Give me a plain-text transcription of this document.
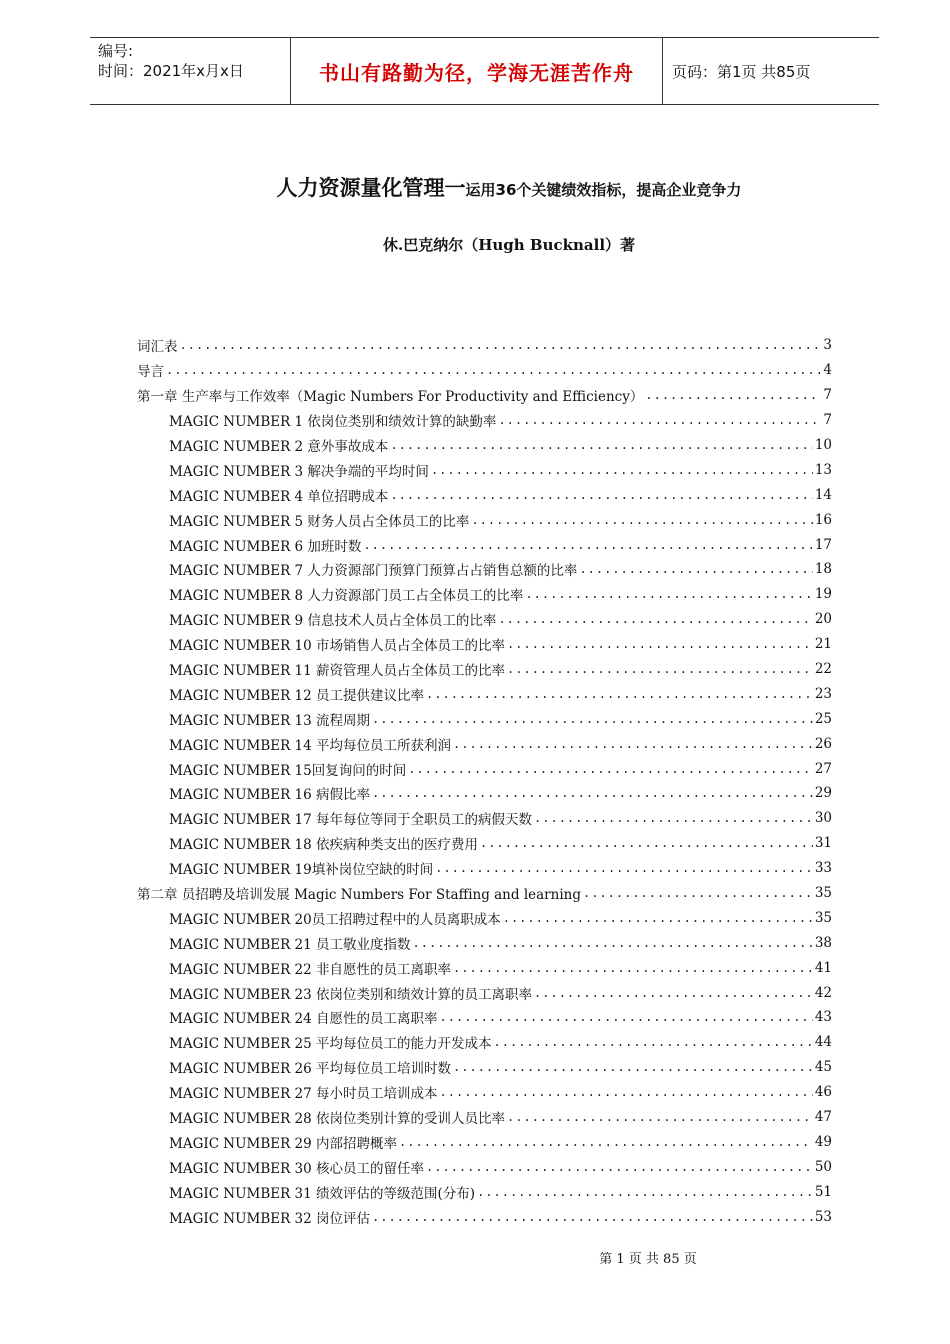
编号:
时间：2021年x月x日	书山有路勤为径，学海无涯苦作舟	页码：第1页 共85页
人力资源量化管理一运用36个关键绩效指标，提高企业竞争力
休.巴克纳尔（Hugh Bucknall）著
词汇表 .....	3
导言 .....	4
第一章 生产率与工作效率（Magic Numbers For Productivity and Efficiency） .....	7
MAGIC NUMBER 1 依岗位类别和绩效计算的缺勤率 .....	7
MAGIC NUMBER 2 意外事故成本 .....	10
MAGIC NUMBER 3 解决争端的平均时间 .....	13
MAGIC NUMBER 4 单位招聘成本 .....	14
MAGIC NUMBER 5 财务人员占全体员工的比率 .....	16
MAGIC NUMBER 6 加班时数 .....	17
MAGIC NUMBER 7 人力资源部门预算门预算占占销售总额的比率 .....	18
MAGIC NUMBER 8 人力资源部门员工占全体员工的比率 .....	19
MAGIC NUMBER 9 信息技术人员占全体员工的比率 .....	20
MAGIC NUMBER 10 市场销售人员占全体员工的比率 .....	21
MAGIC NUMBER 11 薪资管理人员占全体员工的比率 .....	22
MAGIC NUMBER 12 员工提供建议比率 .....	23
MAGIC NUMBER 13 流程周期 .....	25
MAGIC NUMBER 14 平均每位员工所获利润 .....	26
MAGIC NUMBER 15回复询问的时间 .....	27
MAGIC NUMBER 16 病假比率 .....	29
MAGIC NUMBER 17 每年每位等同于全职员工的病假天数 .....	30
MAGIC NUMBER 18 依疾病种类支出的医疗费用 .....	31
MAGIC NUMBER 19填补岗位空缺的时间 .....	33
第二章 员招聘及培训发展 Magic Numbers For Staffing and learning .....	35
MAGIC NUMBER 20员工招聘过程中的人员离职成本 .....	35
MAGIC NUMBER 21 员工敬业度指数 .....	38
MAGIC NUMBER 22 非自愿性的员工离职率 .....	41
MAGIC NUMBER 23 依岗位类别和绩效计算的员工离职率 .....	42
MAGIC NUMBER 24 自愿性的员工离职率 .....	43
MAGIC NUMBER 25 平均每位员工的能力开发成本 .....	44
MAGIC NUMBER 26 平均每位员工培训时数 .....	45
MAGIC NUMBER 27 每小时员工培训成本 .....	46
MAGIC NUMBER 28 依岗位类别计算的受训人员比率 .....	47
MAGIC NUMBER 29 内部招聘概率 .....	49
MAGIC NUMBER 30 核心员工的留任率 .....	50
MAGIC NUMBER 31 绩效评估的等级范围(分布) .....	51
MAGIC NUMBER 32 岗位评估 .....	53
第 1 页 共 85 页
